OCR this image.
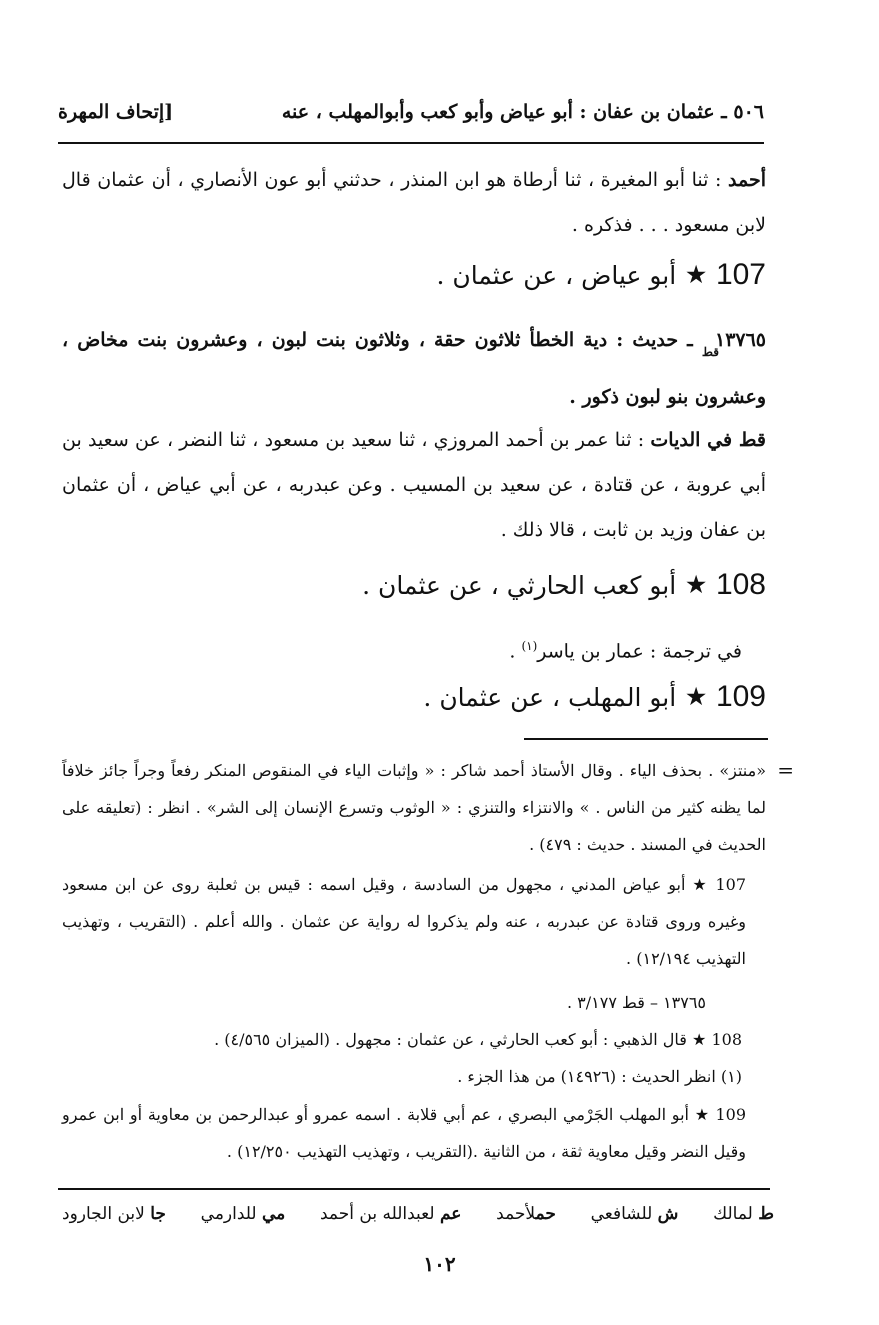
٥٠٦ ـ عثمان بن عفان : أبو عياض وأبو كعب وأبوالمهلب ، عنه
[إتحاف المهرة
أحمد : ثنا أبو المغيرة ، ثنا أرطاة هو ابن المنذر ، حدثني أبو عون الأنصاري ، أن عثمان قال لابن مسعود . . . فذكره .
107
★
أبو عياض ، عن عثمان .
$١٣٧٦٥_{قط}$ ـ حديث : دية الخطأ ثلاثون حقة ، وثلاثون بنت لبون ، وعشرون بنت مخاض ، وعشرون بنو لبون ذكور .
قط في الديات : ثنا عمر بن أحمد المروزي ، ثنا سعيد بن مسعود ، ثنا النضر ، عن سعيد بن أبي عروبة ، عن قتادة ، عن سعيد بن المسيب . وعن عبدربه ، عن أبي عياض ، أن عثمان بن عفان وزيد بن ثابت ، قالا ذلك .
108
★
أبو كعب الحارثي ، عن عثمان .
في ترجمة : عمار بن ياسر$^{(١)}$ .
109
★
أبو المهلب ، عن عثمان .
=
«منتز» . بحذف الياء . وقال الأستاذ أحمد شاكر : « وإثبات الياء في المنقوص المنكر رفعاً وجراً جائز خلافاً لما يظنه كثير من الناس . » والانتزاء والتنزي : « الوثوب وتسرع الإنسان إلى الشر» . انظر : (تعليقه على الحديث في المسند . حديث : ٤٧٩) .
107 ★ أبو عياض المدني ، مجهول من السادسة ، وقيل اسمه : قيس بن ثعلبة روى عن ابن مسعود وغيره وروى قتادة عن عبدربه ، عنه ولم يذكروا له رواية عن عثمان . والله أعلم . (التقريب ، وتهذيب التهذيب ١٢/١٩٤) .
١٣٧٦٥ – قط ٣/١٧٧ .
108 ★ قال الذهبي : أبو كعب الحارثي ، عن عثمان : مجهول . (الميزان ٤/٥٦٥) .
(١) انظر الحديث : (١٤٩٢٦) من هذا الجزء .
109 ★ أبو المهلب الجَرْمي البصري ، عم أبي قلابة . اسمه عمرو أو عبدالرحمن بن معاوية أو ابن عمرو وقيل النضر وقيل معاوية ثقة ، من الثانية .(التقريب ، وتهذيب التهذيب ١٢/٢٥٠) .
ط لمالك
ش للشافعي
حملأحمد
عم لعبدالله بن أحمد
مي للدارمي
جا لابن الجارود
١٠٢
